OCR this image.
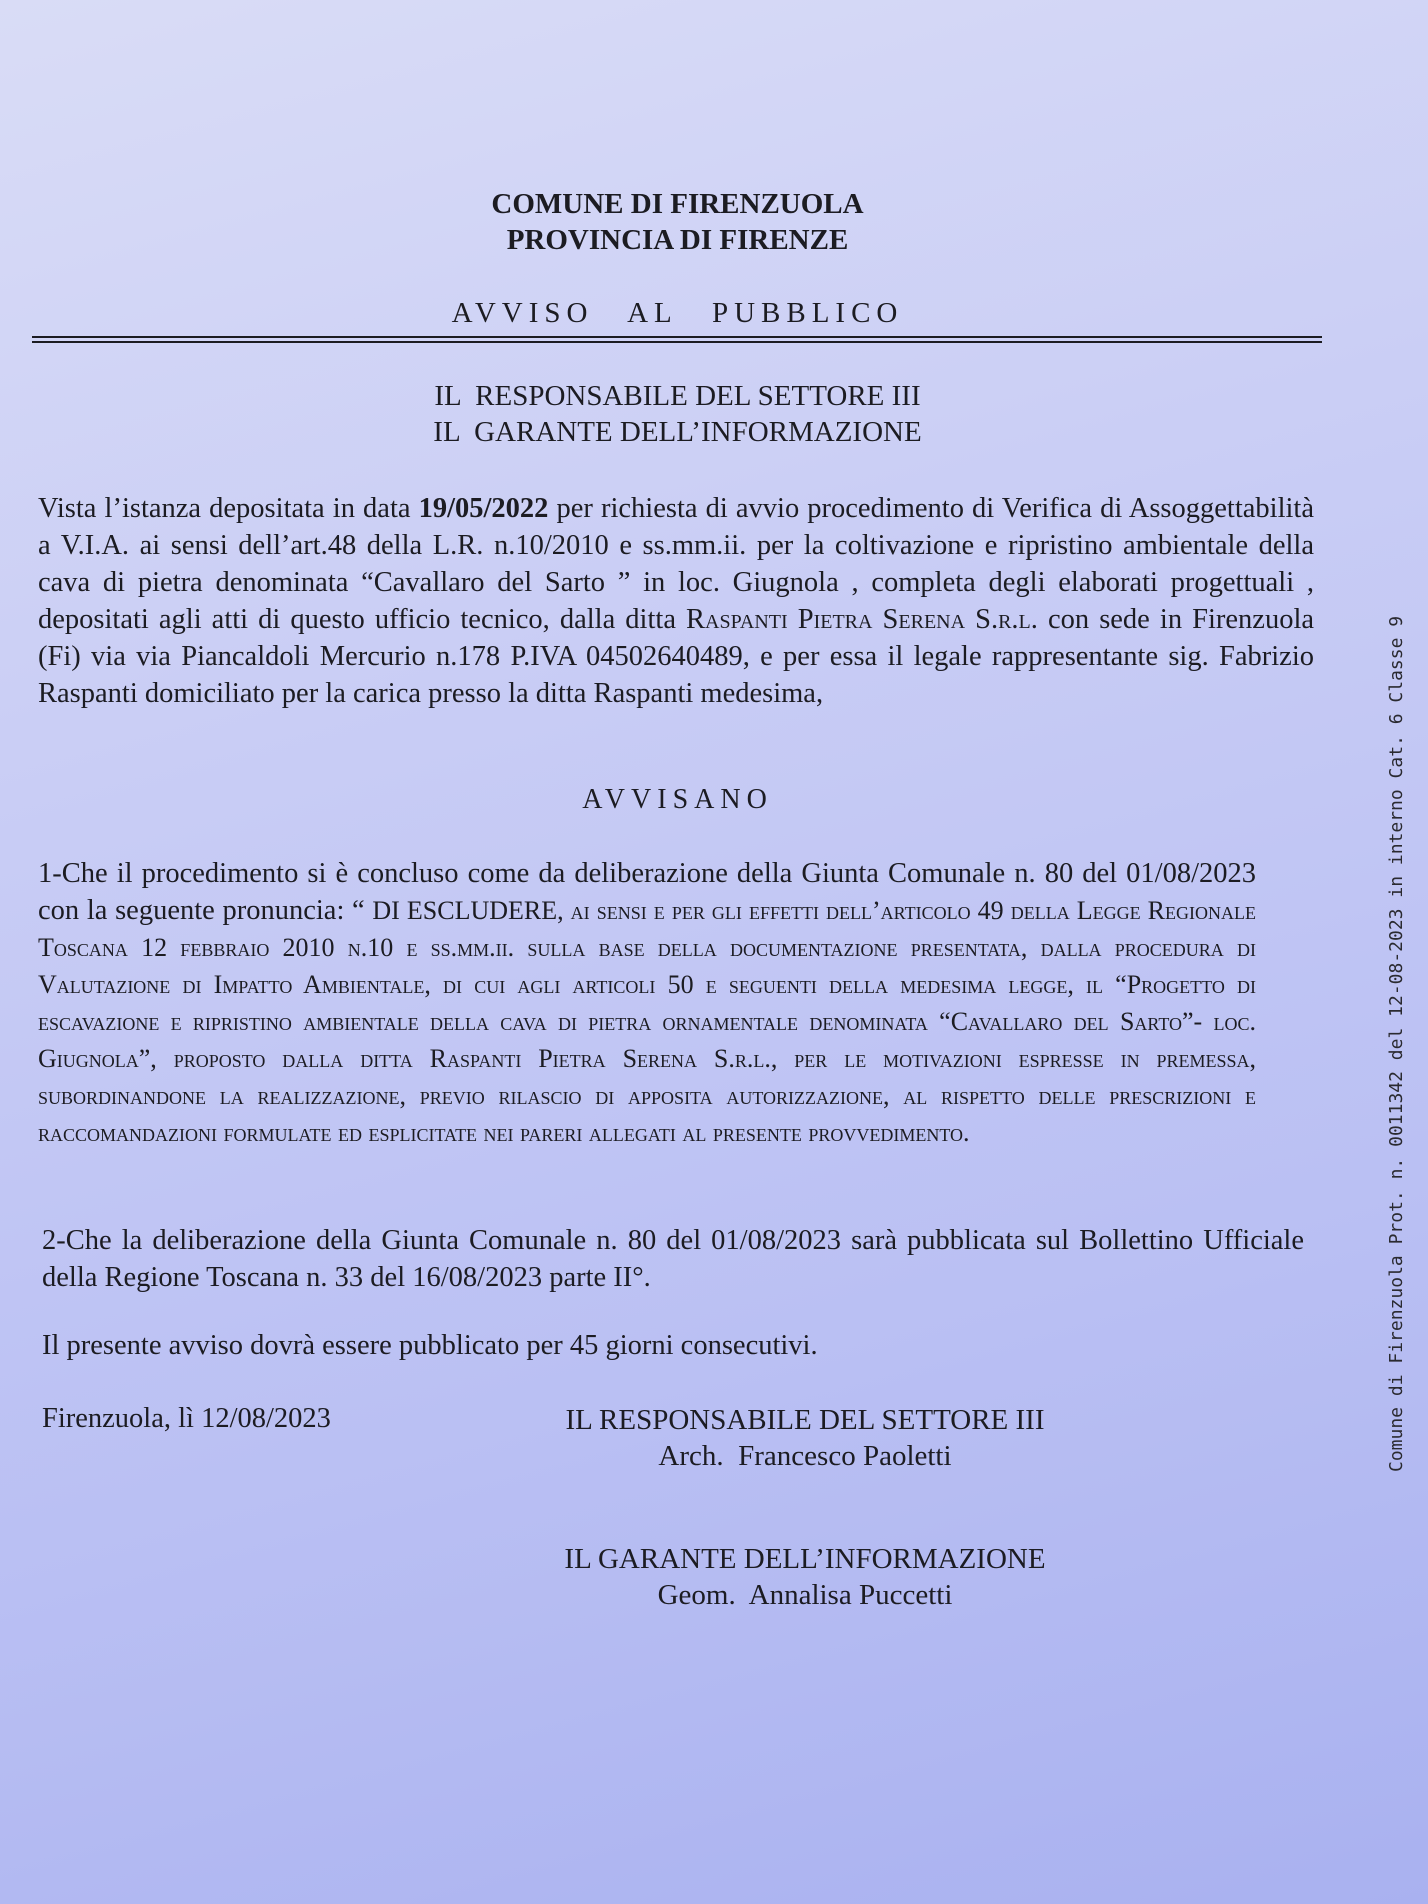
COMUNE DI FIRENZUOLA
PROVINCIA DI FIRENZE
AVVISO AL PUBBLICO
IL  RESPONSABILE DEL SETTORE III
IL  GARANTE DELL’INFORMAZIONE
Vista l’istanza depositata in data 19/05/2022 per richiesta di avvio procedimento di Verifica di Assoggettabilità a V.I.A. ai sensi dell’art.48 della L.R. n.10/2010 e ss.mm.ii. per la coltivazione e ripristino ambientale della cava di pietra denominata “Cavallaro del Sarto ” in loc. Giugnola , completa degli elaborati progettuali , depositati agli atti di questo ufficio tecnico, dalla ditta Raspanti Pietra Serena S.r.l. con sede in Firenzuola (Fi) via via Piancaldoli Mercurio n.178 P.IVA 04502640489, e per essa il legale rappresentante sig. Fabrizio Raspanti domiciliato per la carica presso la ditta Raspanti medesima,
AVVISANO
1-Che il procedimento si è concluso come da deliberazione della Giunta Comunale n. 80 del 01/08/2023 con la seguente pronuncia: “ DI ESCLUDERE, ai sensi e per gli effetti dell’articolo 49 della Legge Regionale Toscana 12 febbraio 2010 n.10 e ss.mm.ii. sulla base della documentazione presentata, dalla procedura di Valutazione di Impatto Ambientale, di cui agli articoli 50 e seguenti della medesima legge, il “Progetto di escavazione e ripristino ambientale della cava di pietra ornamentale denominata “Cavallaro del Sarto”- loc. Giugnola”, proposto dalla ditta Raspanti Pietra Serena S.r.l., per le motivazioni espresse in premessa, subordinandone la realizzazione, previo rilascio di apposita autorizzazione, al rispetto delle prescrizioni e raccomandazioni formulate ed esplicitate nei pareri allegati al presente provvedimento.
2-Che la deliberazione della Giunta Comunale n. 80 del 01/08/2023 sarà pubblicata sul Bollettino Ufficiale della Regione Toscana n. 33 del 16/08/2023 parte II°.
Il presente avviso dovrà essere pubblicato per 45 giorni consecutivi.
Firenzuola, lì 12/08/2023	IL RESPONSABILE DEL SETTORE III
Arch.  Francesco Paoletti
IL GARANTE DELL’INFORMAZIONE
Geom.  Annalisa Puccetti
Comune di Firenzuola Prot. n. 0011342 del 12-08-2023 in interno Cat. 6 Classe 9
